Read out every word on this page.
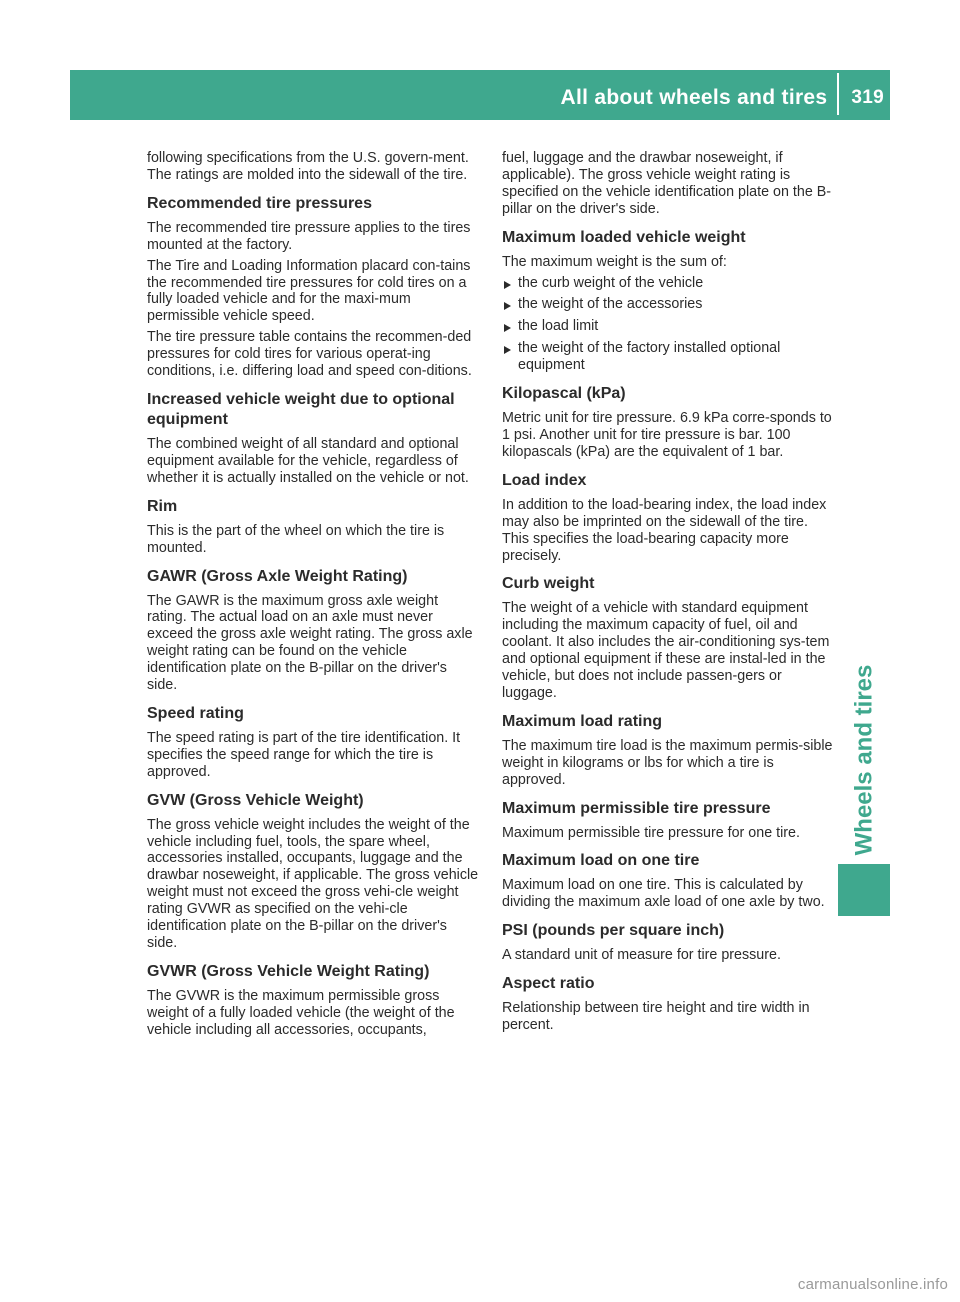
All about wheels and tires 319

following specifications from the U.S. govern-ment. The ratings are molded into the sidewall of the tire.

Recommended tire pressures

The recommended tire pressure applies to the tires mounted at the factory.

The Tire and Loading Information placard con-tains the recommended tire pressures for cold tires on a fully loaded vehicle and for the maxi-mum permissible vehicle speed.

The tire pressure table contains the recommen-ded pressures for cold tires for various operat-ing conditions, i.e. differing load and speed con-ditions.

Increased vehicle weight due to optional equipment

The combined weight of all standard and optional equipment available for the vehicle, regardless of whether it is actually installed on the vehicle or not.

Rim

This is the part of the wheel on which the tire is mounted.

GAWR (Gross Axle Weight Rating)

The GAWR is the maximum gross axle weight rating. The actual load on an axle must never exceed the gross axle weight rating. The gross axle weight rating can be found on the vehicle identification plate on the B-pillar on the driver's side.

Speed rating

The speed rating is part of the tire identification. It specifies the speed range for which the tire is approved.

GVW (Gross Vehicle Weight)

The gross vehicle weight includes the weight of the vehicle including fuel, tools, the spare wheel, accessories installed, occupants, luggage and the drawbar noseweight, if applicable. The gross vehicle weight must not exceed the gross vehi-cle weight rating GVWR as specified on the vehi-cle identification plate on the B-pillar on the driver's side.

GVWR (Gross Vehicle Weight Rating)

The GVWR is the maximum permissible gross weight of a fully loaded vehicle (the weight of the vehicle including all accessories, occupants,

fuel, luggage and the drawbar noseweight, if applicable). The gross vehicle weight rating is specified on the vehicle identification plate on the B-pillar on the driver's side.

Maximum loaded vehicle weight

The maximum weight is the sum of:

the curb weight of the vehicle
the weight of the accessories
the load limit
the weight of the factory installed optional equipment
Kilopascal (kPa)

Metric unit for tire pressure. 6.9 kPa corre-sponds to 1 psi. Another unit for tire pressure is bar. 100 kilopascals (kPa) are the equivalent of 1 bar.

Load index

In addition to the load-bearing index, the load index may also be imprinted on the sidewall of the tire. This specifies the load-bearing capacity more precisely.

Curb weight

The weight of a vehicle with standard equipment including the maximum capacity of fuel, oil and coolant. It also includes the air-conditioning sys-tem and optional equipment if these are instal-led in the vehicle, but does not include passen-gers or luggage.

Maximum load rating

The maximum tire load is the maximum permis-sible weight in kilograms or lbs for which a tire is approved.

Maximum permissible tire pressure

Maximum permissible tire pressure for one tire.

Maximum load on one tire

Maximum load on one tire. This is calculated by dividing the maximum axle load of one axle by two.

PSI (pounds per square inch)

A standard unit of measure for tire pressure.

Aspect ratio

Relationship between tire height and tire width in percent.

Wheels and tires
carmanualsonline.info
